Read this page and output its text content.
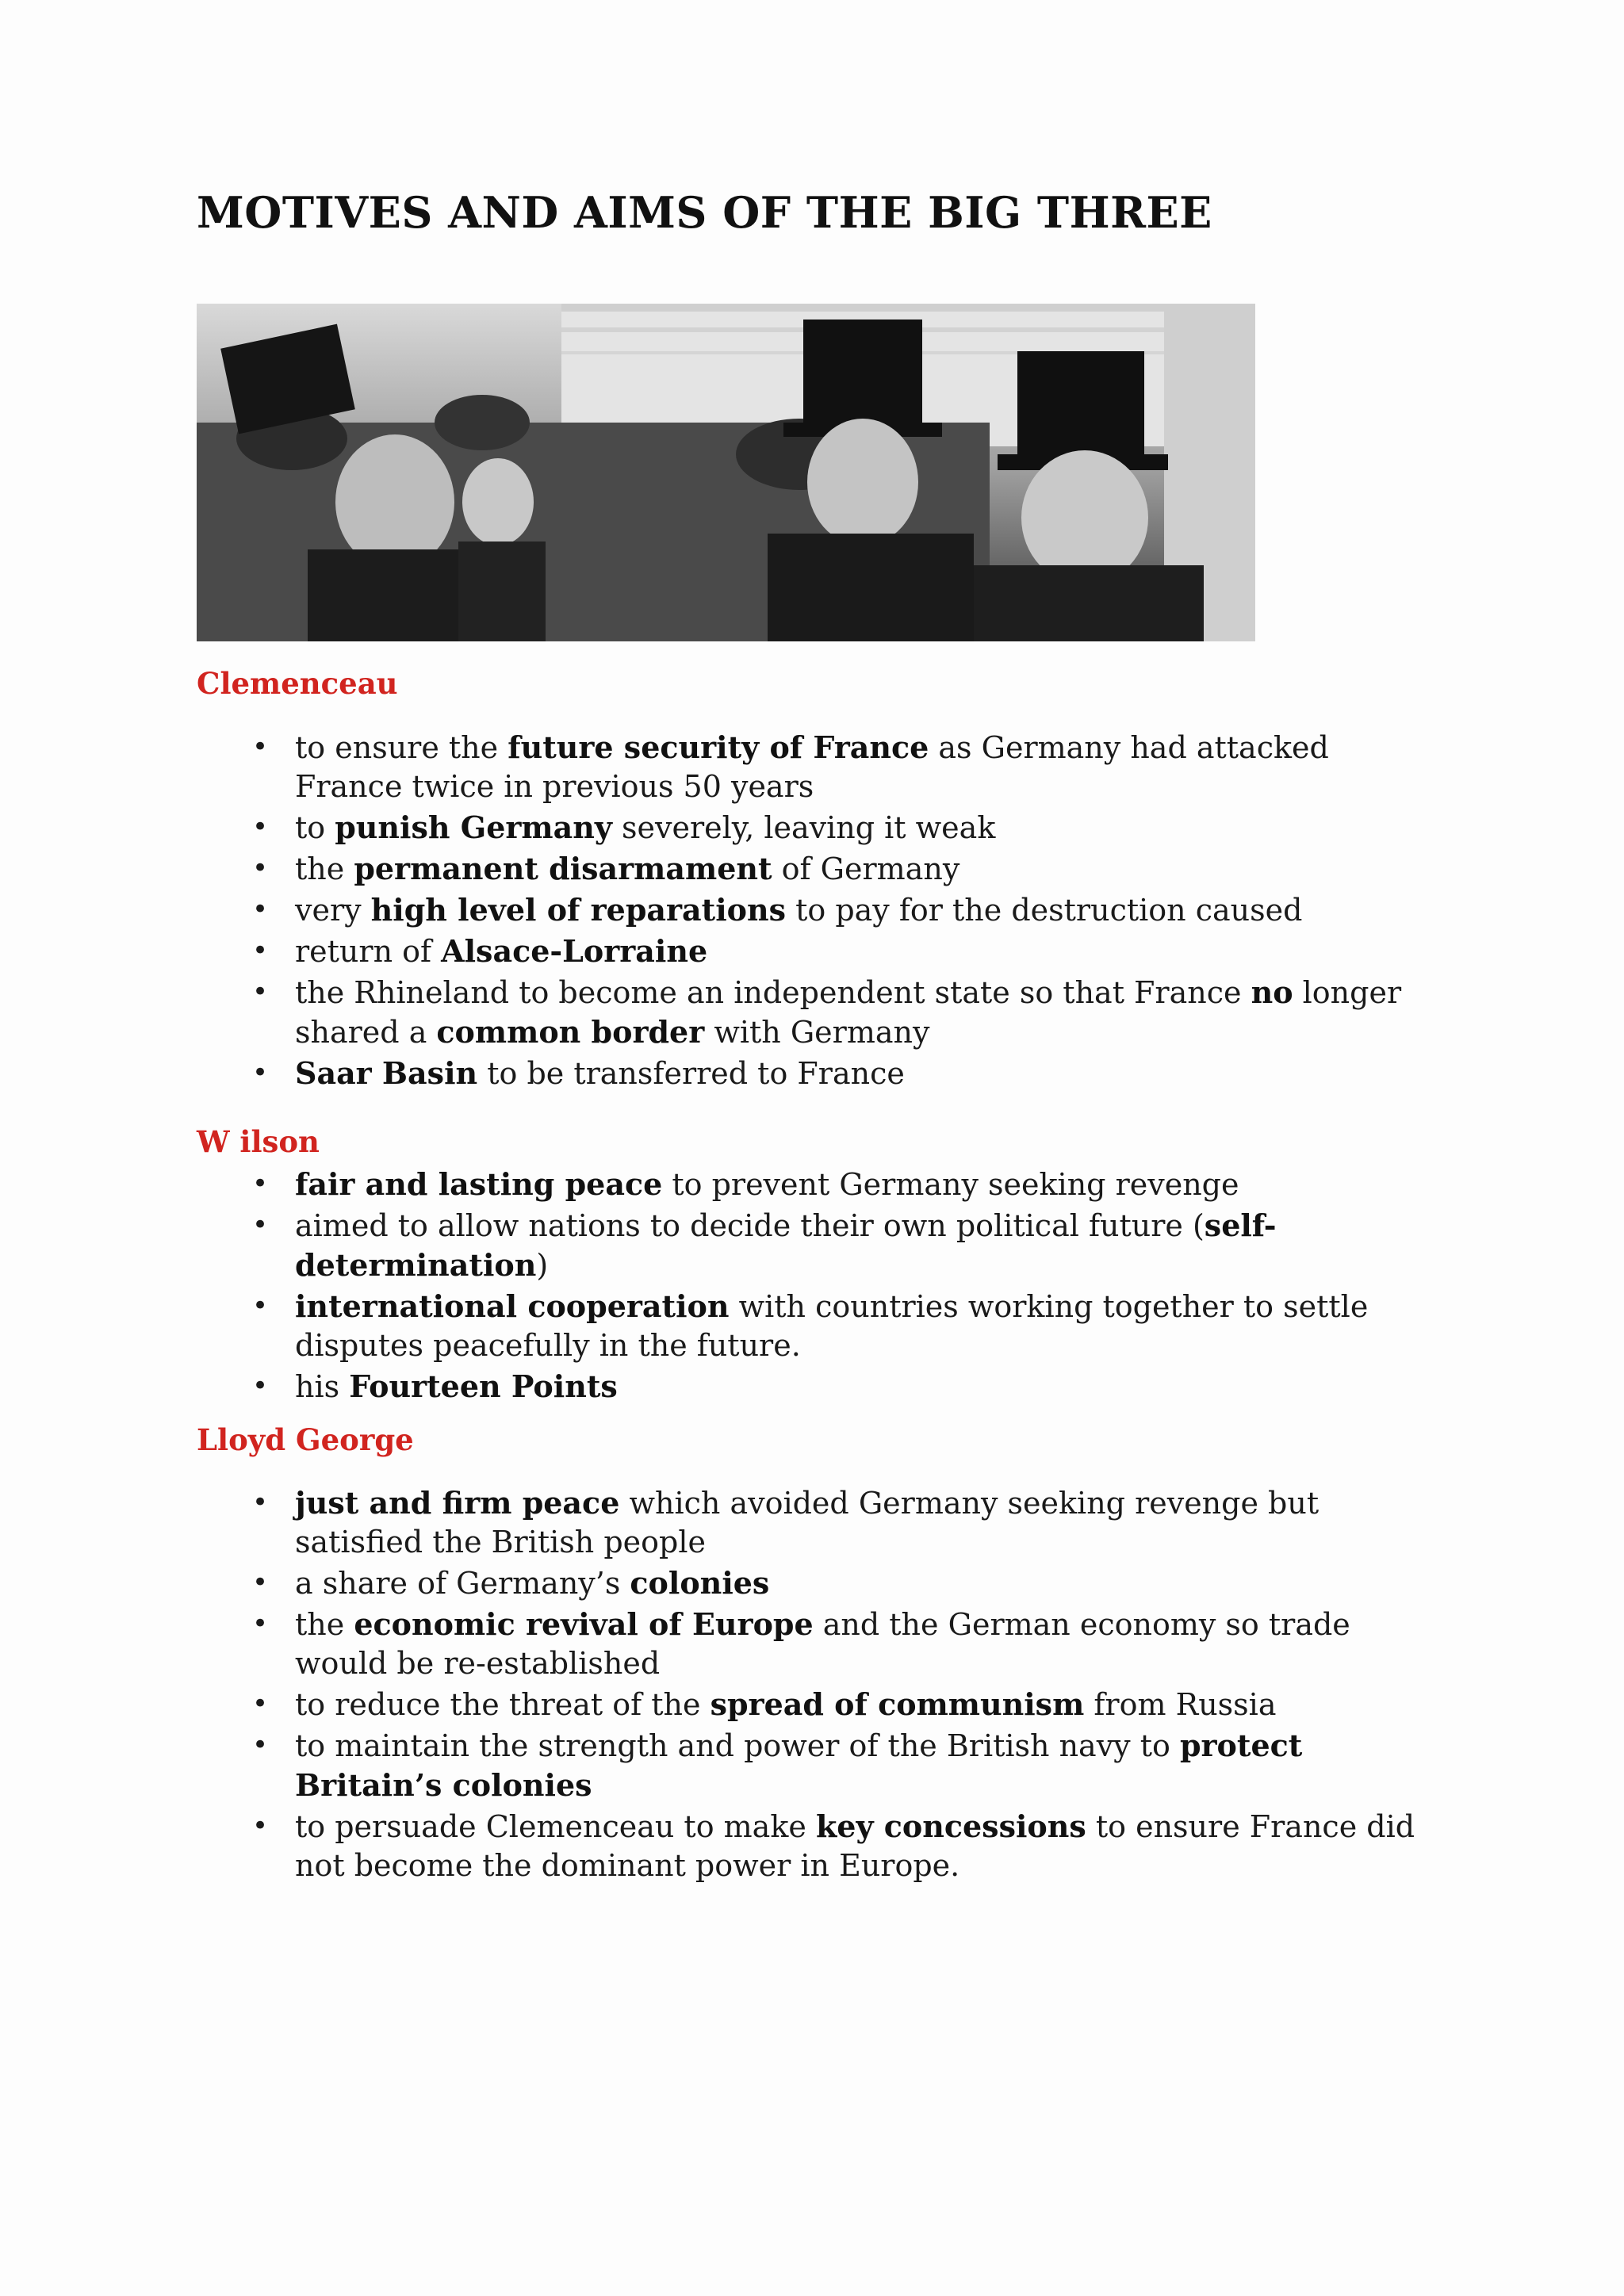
MOTIVES AND AIMS OF THE BIG THREE
Clemenceau
• to ensure the future security of France as Germany had attacked France twice in previous 50 years
• to punish Germany severely, leaving it weak
• the permanent disarmament of Germany
• very high level of reparations to pay for the destruction caused
• return of Alsace-Lorraine
• the Rhineland to become an independent state so that France no longer shared a common border with Germany
• Saar Basin to be transferred to France
W ilson
• fair and lasting peace to prevent Germany seeking revenge
• aimed to allow nations to decide their own political future (self-determination)
• international cooperation with countries working together to settle disputes peacefully in the future.
• his Fourteen Points
Lloyd George
• just and firm peace which avoided Germany seeking revenge but satisfied the British people
• a share of Germany’s colonies
• the economic revival of Europe and the German economy so trade would be re-established
• to reduce the threat of the spread of communism from Russia
• to maintain the strength and power of the British navy to protect Britain’s colonies
• to persuade Clemenceau to make key concessions to ensure France did not become the dominant power in Europe.
